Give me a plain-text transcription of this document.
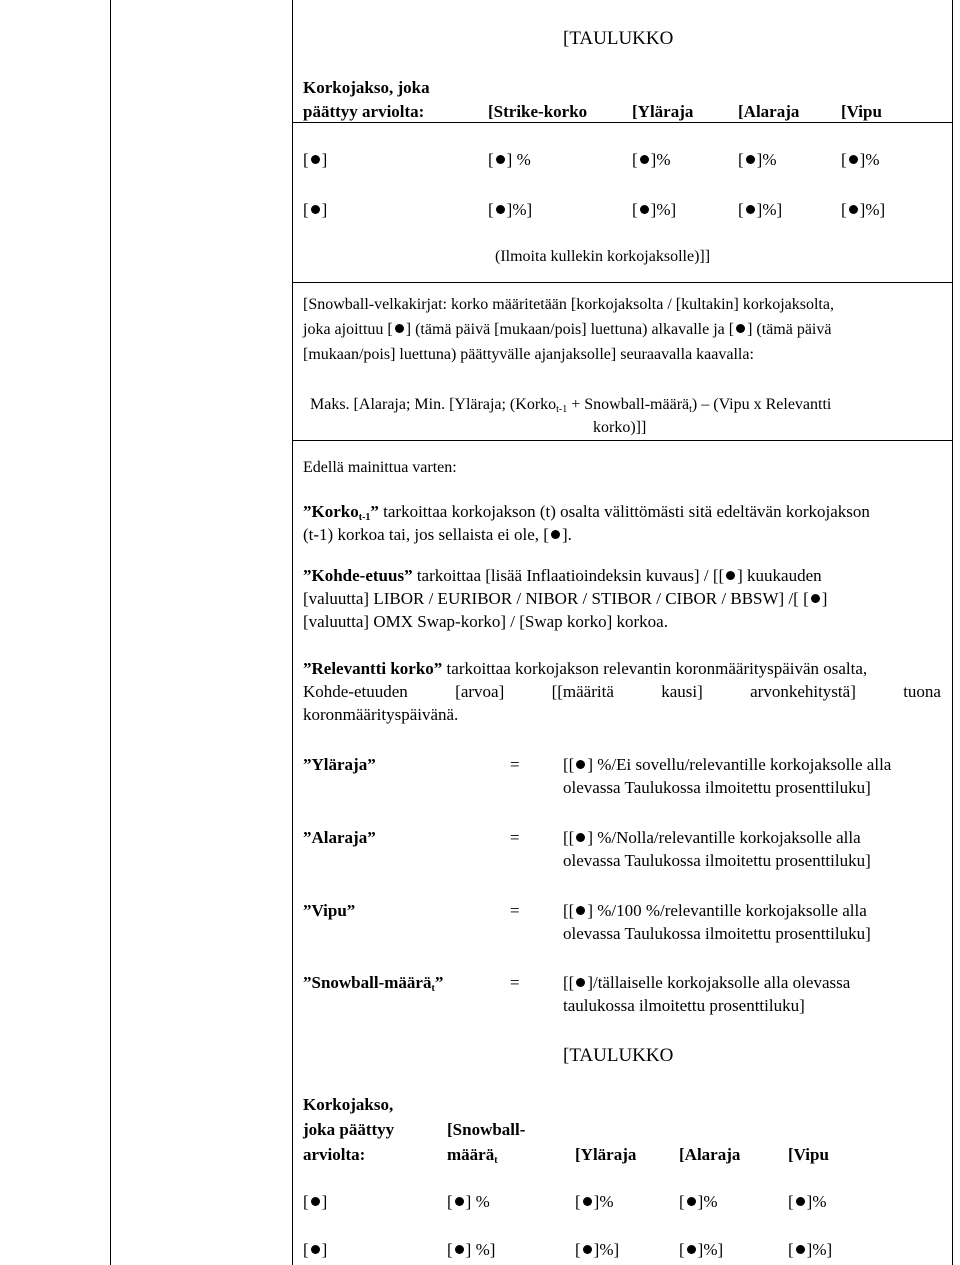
[TAULUKKO
Korkojakso, joka
päättyy arviolta:	[Strike-korko	[Yläraja	[Alaraja [Vipu
[ ]	[ ] %	[ ]%	[ ]%	[ ]%
[ ]	[ ]%]	[ ]%]	[ ]%]	[ ]%]
(Ilmoita kullekin korkojaksolle)]]
[Snowball-velkakirjat: korko määritetään [korkojaksolta / [kultakin] korkojaksolta,
joka ajoittuu [ ] (tämä päivä [mukaan/pois] luettuna) alkavalle ja [ ] (tämä päivä
[mukaan/pois] luettuna) päättyvälle ajanjaksolle] seuraavalla kaavalla:
Maks. [Alaraja; Min. [Yläraja; (Korko$_{t-1}$ + Snowball-määrä$_t$) – (Vipu x Relevantti
korko)]]
Edellä mainittua varten:
”Korko$_{t-1}$” tarkoittaa korkojakson (t) osalta välittömästi sitä edeltävän korkojakson
(t-1) korkoa tai, jos sellaista ei ole, [ ].
”Kohde-etuus” tarkoittaa [lisää Inflaatioindeksin kuvaus] / [[ ] kuukauden
[valuutta] LIBOR / EURIBOR / NIBOR / STIBOR / CIBOR / BBSW] /[ [ ]
[valuutta] OMX Swap-korko] / [Swap korko] korkoa.
”Relevantti korko” tarkoittaa korkojakson relevantin koronmäärityspäivän osalta,
Kohde-etuuden	[arvoa]	[[määritä	kausi]	arvonkehitystä]	tuona
koronmäärityspäivänä.
”Yläraja”	=	[[ ] %/Ei sovellu/relevantille korkojaksolle alla
olevassa Taulukossa ilmoitettu prosenttiluku]
”Alaraja”	=	[[ ] %/Nolla/relevantille korkojaksolle alla
olevassa Taulukossa ilmoitettu prosenttiluku]
”Vipu”	=	[[ ] %/100 %/relevantille korkojaksolle alla
olevassa Taulukossa ilmoitettu prosenttiluku]
”Snowball-määrä$_t$”	=	[[ ]/tällaiselle korkojaksolle alla olevassa
taulukossa ilmoitettu prosenttiluku]
[TAULUKKO
Korkojakso,
joka päättyy
arviolta:
[Snowball-
määrä$_t$	[Yläraja	[Alaraja	[Vipu
[ ]	[ ] %	[ ]%	[ ]%	[ ]%
[ ]	[ ] %]	[ ]%]	[ ]%]	[ ]%]
